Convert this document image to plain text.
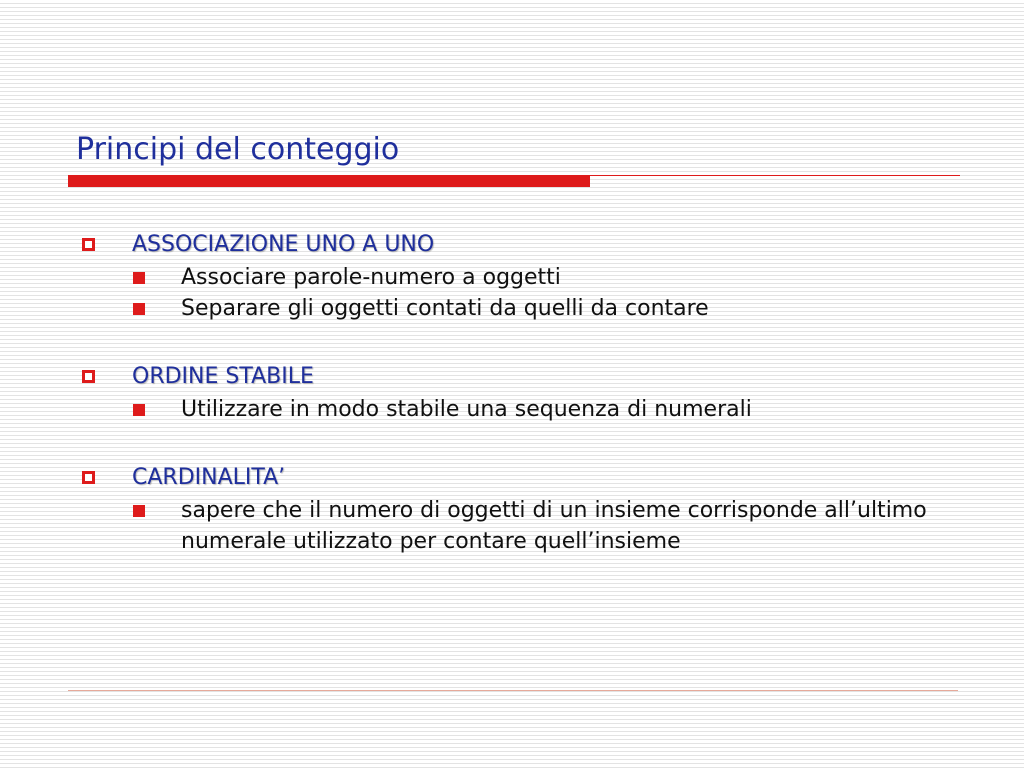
Principi del conteggio
ASSOCIAZIONE UNO A UNO
Associare parole-numero a oggetti
Separare gli oggetti contati da quelli da contare
ORDINE STABILE
Utilizzare in modo stabile una sequenza di numerali
CARDINALITA’
sapere che il numero di oggetti di un insieme corrisponde all’ultimo numerale utilizzato per contare quell’insieme
